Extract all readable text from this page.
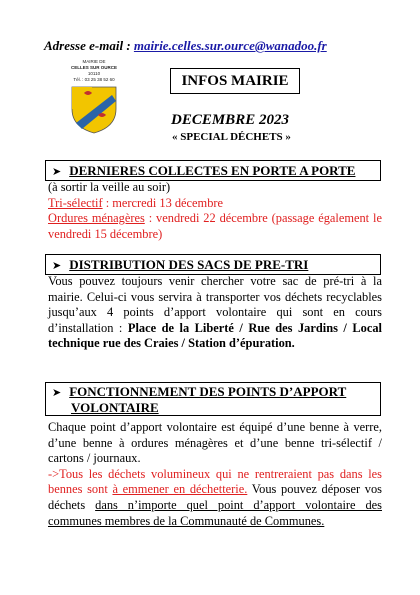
Adresse e-mail : mairie.celles.sur.ource@wanadoo.fr
MAIRIE DE
CELLES SUR OURCE
10110
Tél. : 03 25 38 52 60	INFOS MAIRIE
DECEMBRE 2023
« SPECIAL DÉCHETS »
➤ DERNIERES COLLECTES EN PORTE A PORTE
(à sortir la veille au soir)
Tri-sélectif : mercredi 13 décembre
Ordures ménagères : vendredi 22 décembre (passage également le vendredi 15 décembre)
➤ DISTRIBUTION DES SACS DE PRE-TRI
Vous pouvez toujours venir chercher votre sac de pré-tri à la mairie. Celui-ci vous servira à transporter vos déchets recyclables jusqu’aux 4 points d’apport volontaire qui sont en cours d’installation : Place de la Liberté / Rue des Jardins / Local technique rue des Craies / Station d’épuration.
➤ FONCTIONNEMENT DES POINTS D’APPORT
VOLONTAIRE
Chaque point d’apport volontaire est équipé d’une benne à verre, d’une benne à ordures ménagères et d’une benne tri-sélectif / cartons / journaux.
->Tous les déchets volumineux qui ne rentreraient pas dans les bennes sont à emmener en déchetterie. Vous pouvez déposer vos déchets dans n’importe quel point d’apport volontaire des communes membres de la Communauté de Communes.
